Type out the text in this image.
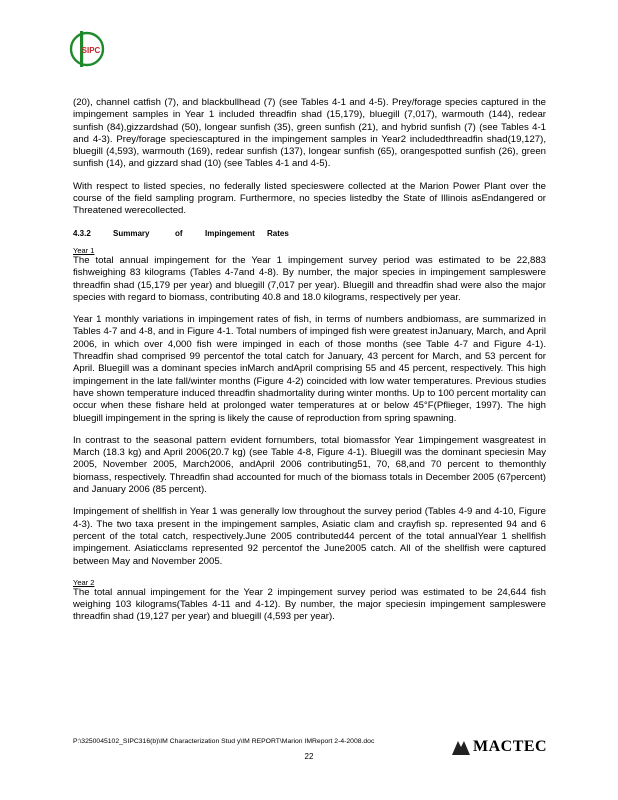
SIPC

(20), channel catfish (7), and blackbullhead (7) (see Tables 4-1 and 4-5). Prey/forage species captured in the impingement samples in Year 1 included threadfin shad (15,179), bluegill (7,017), warmouth (144), redear sunfish (84),gizzardshad (50), longear sunfish (35), green sunfish (21), and hybrid sunfish (7) (see Tables 4-1 and 4-3). Prey/forage speciescaptured in the impingement samples in Year2 includedthreadfin shad(19,127), bluegill (4,593), warmouth (169), redear sunfish (137), longear sunfish (65), orangespotted sunfish (26), green sunfish (14), and gizzard shad (10) (see Tables 4-1 and 4-5).

With respect to listed species, no federally listed specieswere collected at the Marion Power Plant over the course of the field sampling program. Furthermore, no species listedby the State of Illinois asEndangered or Threatened werecollected.

4.3.2	Summary	of	Impingement	Rates
Year 1

The total annual impingement for the Year 1 impingement survey period was estimated to be 22,883 fishweighing 83 kilograms (Tables 4-7and 4-8). By number, the major species in impingement sampleswere threadfin shad (15,179 per year) and bluegill (7,017 per year). Bluegill and threadfin shad were also the major species with regard to biomass, contributing 40.8 and 18.0 kilograms, respectively per year.

Year 1 monthly variations in impingement rates of fish, in terms of numbers andbiomass, are summarized in Tables 4-7 and 4-8, and in Figure 4-1. Total numbers of impinged fish were greatest inJanuary, March, and April 2006, in which over 4,000 fish were impinged in each of those months (see Table 4-7 and Figure 4-1). Threadfin shad comprised 99 percentof the total catch for January, 43 percent for March, and 53 percent for April. Bluegill was a dominant species inMarch andApril comprising 55 and 45 percent, respectively. This high impingement in the late fall/winter months (Figure 4-2) coincided with low water temperatures. Previous studies have shown temperature induced threadfin shadmortality during winter months. Up to 100 percent mortality can occur when these fishare held at prolonged water temperatures at or below 45°F(Pflieger, 1997). The high bluegill impingement in the spring is likely the cause of reproduction from spring spawning.

In contrast to the seasonal pattern evident fornumbers, total biomassfor Year 1impingement wasgreatest in March (18.3 kg) and April 2006(20.7 kg) (see Table 4-8, Figure 4-1). Bluegill was the dominant speciesin May 2005, November 2005, March2006, andApril 2006 contributing51, 70, 68,and 70 percent to themonthly biomass, respectively. Threadfin shad accounted for much of the biomass totals in December 2005 (67percent) and January 2006 (85 percent).

Impingement of shellfish in Year 1 was generally low throughout the survey period (Tables 4-9 and 4-10, Figure 4-3). The two taxa present in the impingement samples, Asiatic clam and crayfish sp. represented 94 and 6 percent of the total catch, respectively.June 2005 contributed44 percent of the total annualYear 1 shellfish impingement. Asiaticclams represented 92 percentof the June2005 catch. All of the shellfish were captured between May and November 2005.

Year 2

The total annual impingement for the Year 2 impingement survey period was estimated to be 24,644 fish weighing 103 kilograms(Tables 4-11 and 4-12). By number, the major speciesin impingement sampleswere threadfin shad (19,127 per year) and bluegill (4,593 per year).

P:\3250045102_SIPC316(b)\IM Characterization Stud y\IM REPORT\Marion IMReport 2-4-2008.doc	MACTEC
22
